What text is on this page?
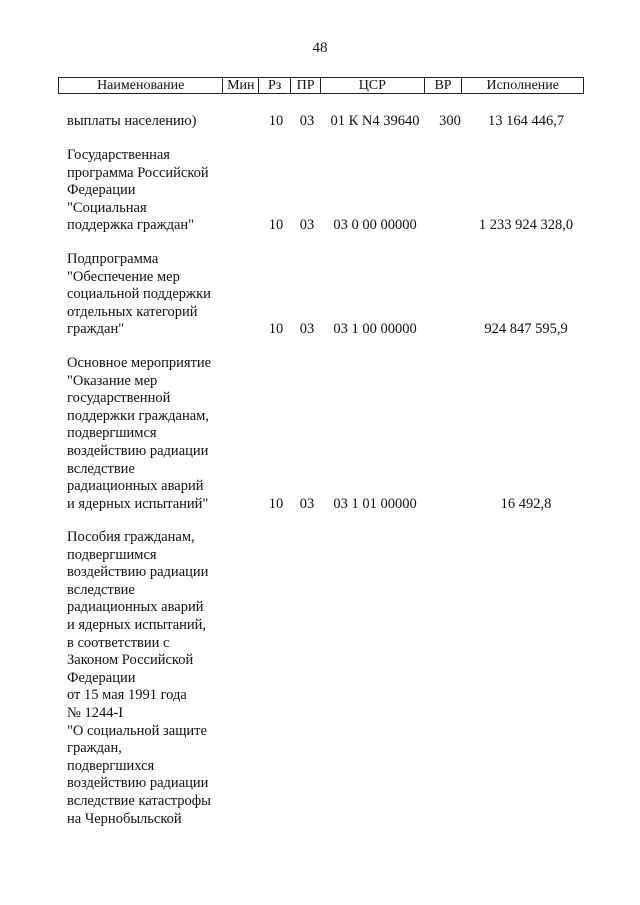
48
Наименование	Мин Рз	ПР	ЦСР	ВР	Исполнение
выплаты населению)	10	03	01 К N4 39640	300	13 164 446,7
Государственная
программа Российской
Федерации
"Социальная
поддержка граждан"	10	03	03 0 00 00000	1 233 924 328,0
Подпрограмма
"Обеспечение мер
социальной поддержки
отдельных категорий
граждан"	10	03	03 1 00 00000	924 847 595,9
Основное мероприятие
"Оказание мер
государственной
поддержки гражданам,
подвергшимся
воздействию радиации
вследствие
радиационных аварий
и ядерных испытаний"	10	03	03 1 01 00000	16 492,8
Пособия гражданам,
подвергшимся
воздействию радиации
вследствие
радиационных аварий
и ядерных испытаний,
в соответствии с
Законом Российской
Федерации
от 15 мая 1991 года
№ 1244-I
"О социальной защите
граждан,
подвергшихся
воздействию радиации
вследствие катастрофы
на Чернобыльской
